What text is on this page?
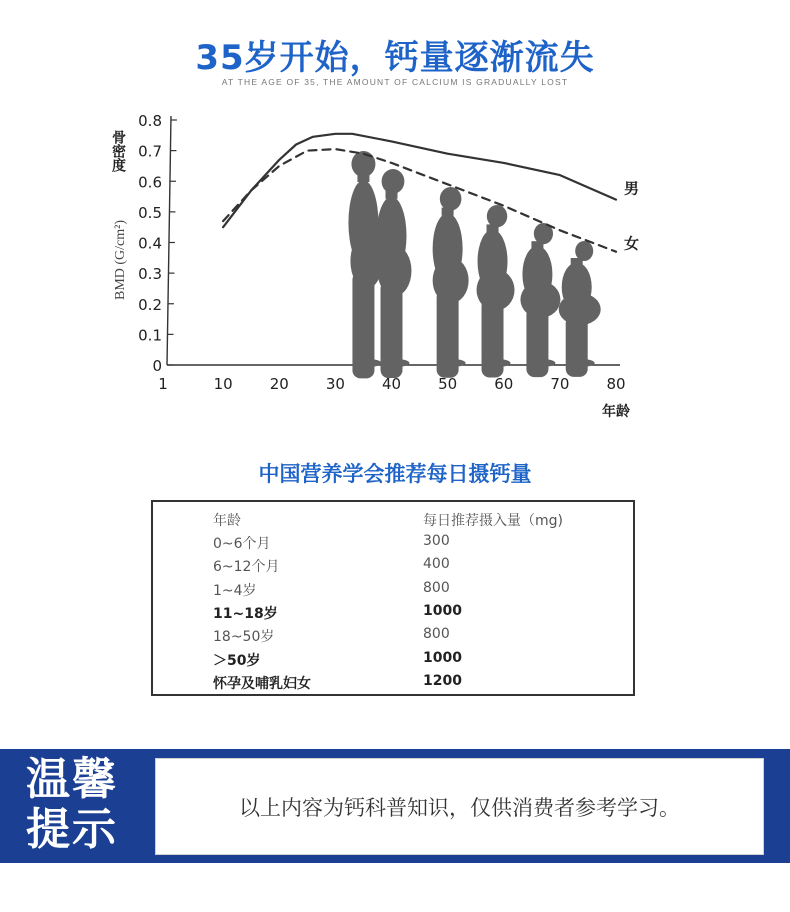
35岁开始，钙量逐渐流失
AT THE AGE OF 35, THE AMOUNT OF CALCIUM IS GRADUALLY LOST
0
0.1
0.2
0.3
0.4
0.5
0.6
0.7
0.8
1	10 20 30 40 50 60 70 80
骨密度
BMD (G/cm²)
年龄
男
女
中国营养学会推荐每日摄钙量
年龄	每日推荐摄入量（mg)
0~6个月	300
6~12个月	400
1~4岁	800
11~18岁	1000
18~50岁	800
＞50岁	1000
怀孕及哺乳妇女	1200
温馨
提示	以上内容为钙科普知识，仅供消费者参考学习。
